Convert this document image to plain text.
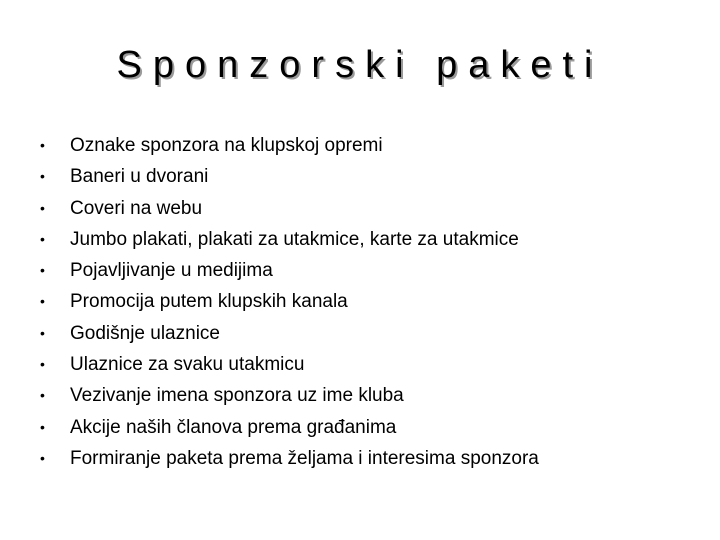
Sponzorski paketi
• Oznake sponzora na klupskoj opremi
• Baneri u dvorani
• Coveri na webu
• Jumbo plakati, plakati za utakmice, karte za utakmice
• Pojavljivanje u medijima
• Promocija putem klupskih kanala
• Godišnje ulaznice
• Ulaznice za svaku utakmicu
• Vezivanje imena sponzora uz ime kluba
• Akcije naših članova prema građanima
• Formiranje paketa prema željama i interesima sponzora
